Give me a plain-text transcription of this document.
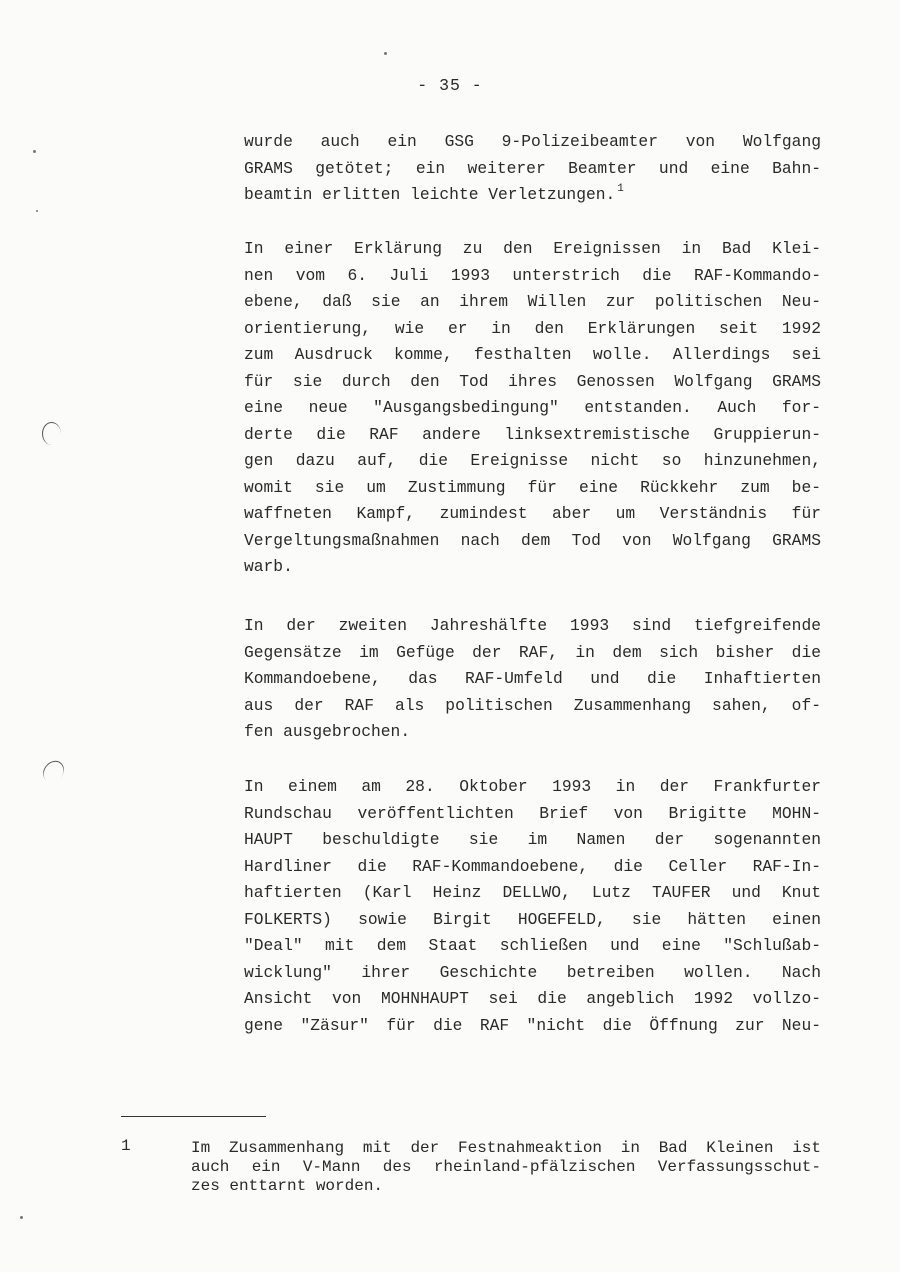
- 35 -
wurde auch ein GSG 9-Polizeibeamter von Wolfgang
GRAMS getötet; ein weiterer Beamter und eine Bahn-
beamtin erlitten leichte Verletzungen. $^1$
In einer Erklärung zu den Ereignissen in Bad Klei-
nen vom 6. Juli 1993 unterstrich die RAF-Kommando-
ebene, daß sie an ihrem Willen zur politischen Neu-
orientierung, wie er in den Erklärungen seit 1992
zum Ausdruck komme, festhalten wolle. Allerdings sei
für sie durch den Tod ihres Genossen Wolfgang GRAMS
eine neue "Ausgangsbedingung" entstanden. Auch for-
derte die RAF andere linksextremistische Gruppierun-
gen dazu auf, die Ereignisse nicht so hinzunehmen,
womit sie um Zustimmung für eine Rückkehr zum be-
waffneten Kampf, zumindest aber um Verständnis für
Vergeltungsmaßnahmen nach dem Tod von Wolfgang GRAMS
warb.
In der zweiten Jahreshälfte 1993 sind tiefgreifende
Gegensätze im Gefüge der RAF, in dem sich bisher die
Kommandoebene, das RAF-Umfeld und die Inhaftierten
aus der RAF als politischen Zusammenhang sahen, of-
fen ausgebrochen.
In einem am 28. Oktober 1993 in der Frankfurter
Rundschau veröffentlichten Brief von Brigitte MOHN-
HAUPT beschuldigte sie im Namen der sogenannten
Hardliner die RAF-Kommandoebene, die Celler RAF-In-
haftierten (Karl Heinz DELLWO, Lutz TAUFER und Knut
FOLKERTS) sowie Birgit HOGEFELD, sie hätten einen
"Deal" mit dem Staat schließen und eine "Schlußab-
wicklung" ihrer Geschichte betreiben wollen. Nach
Ansicht von MOHNHAUPT sei die angeblich 1992 vollzo-
gene "Zäsur" für die RAF "nicht die Öffnung zur Neu-
1	Im Zusammenhang mit der Festnahmeaktion in Bad Kleinen ist
auch ein V-Mann des rheinland-pfälzischen Verfassungsschut-
zes enttarnt worden.
